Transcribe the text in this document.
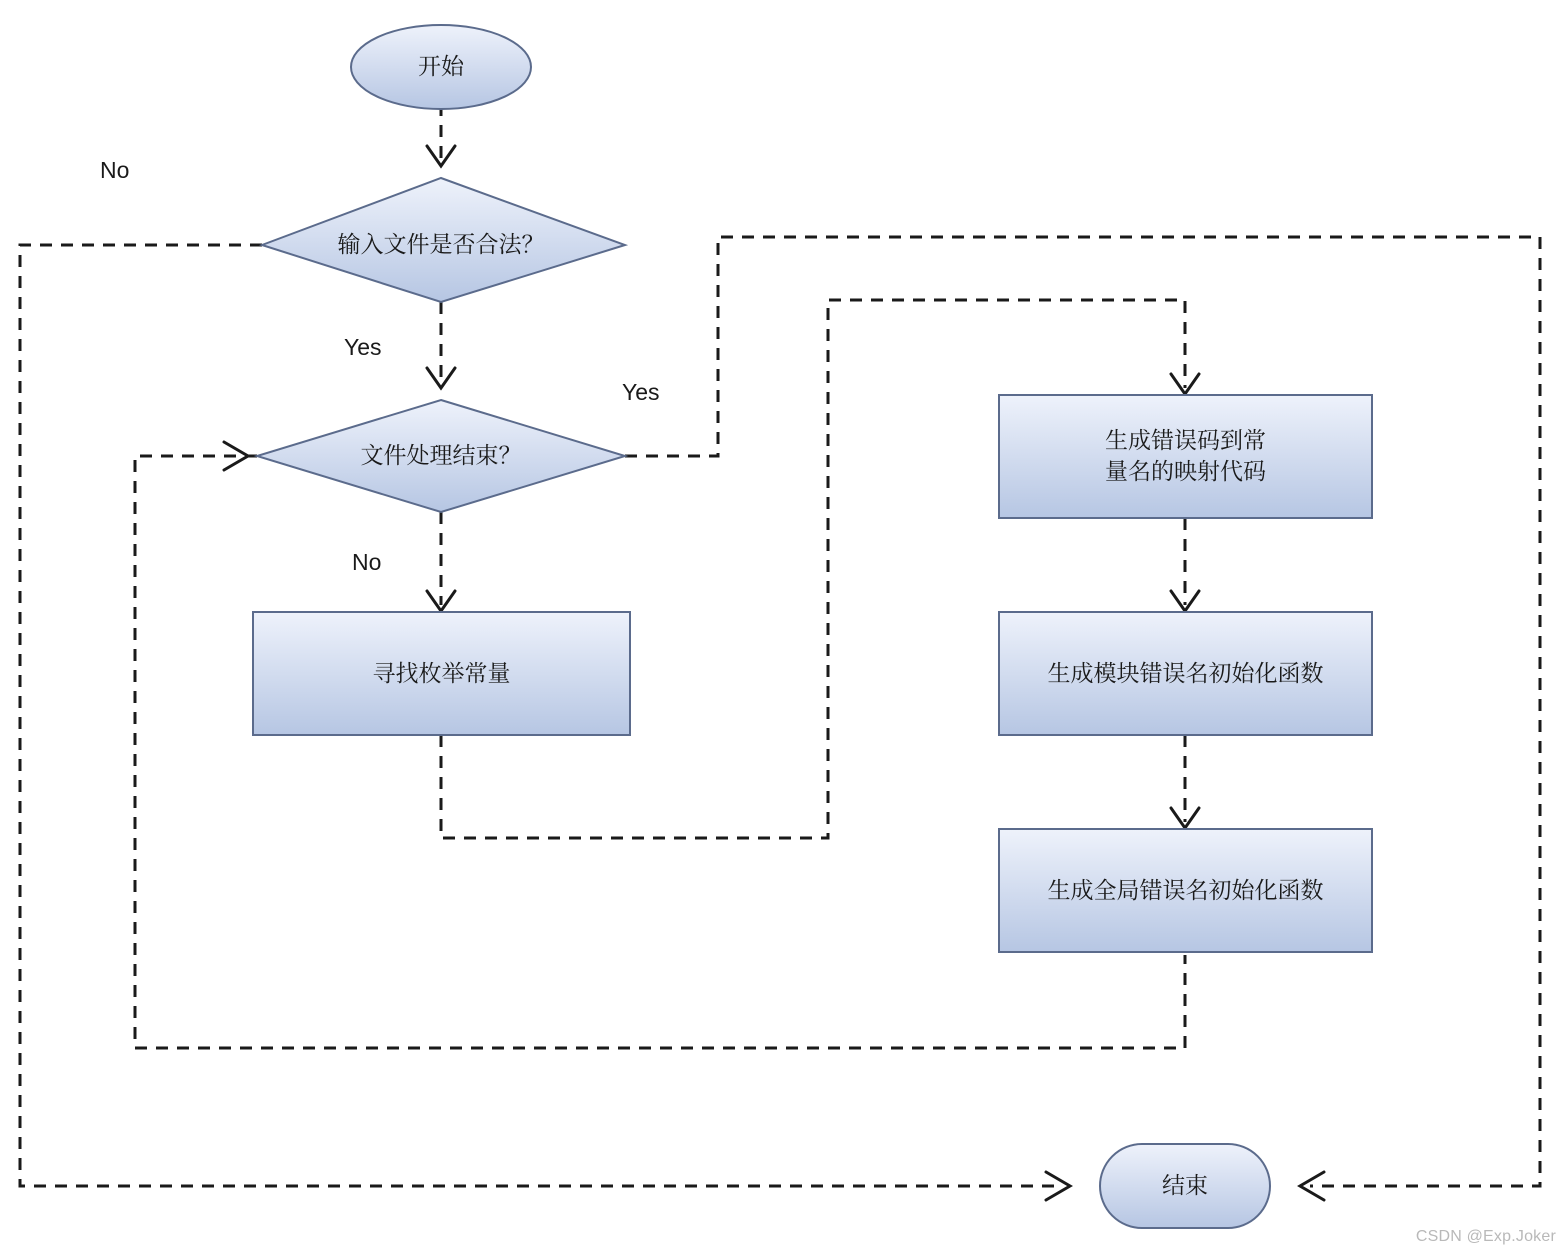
开始
输入文件是否合法？
文件处理结束？
寻找枚举常量
生成错误码到常
量名的映射代码
生成模块错误名初始化函数
生成全局错误名初始化函数
结束
No
Yes
Yes
No
CSDN @Exp.Joker
